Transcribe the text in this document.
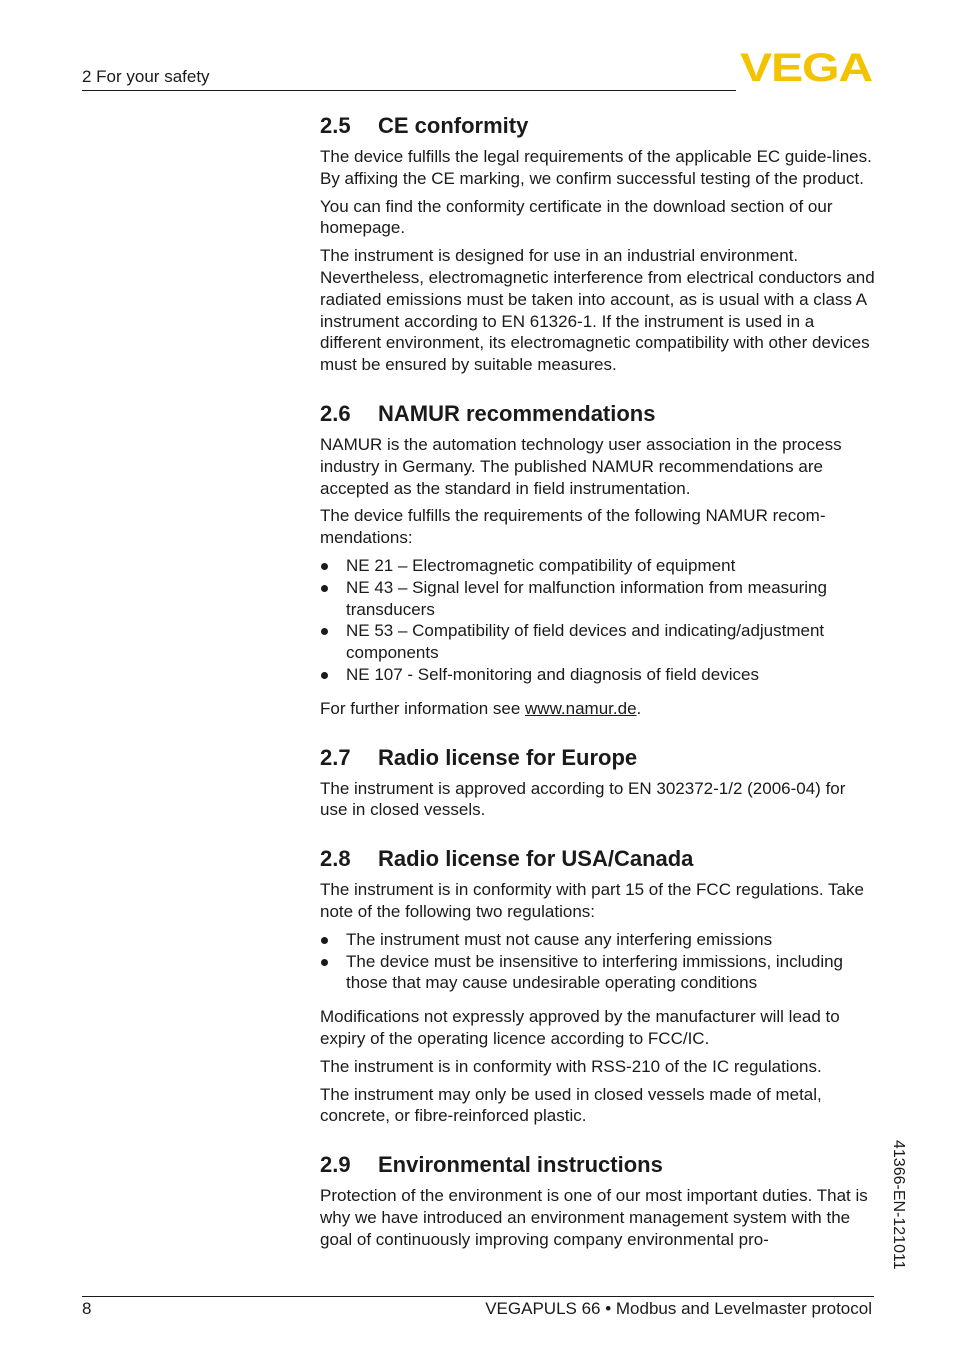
2 For your safety	VEGA
2.5 CE conformity

The device fulfills the legal requirements of the applicable EC guide-lines. By affixing the CE marking, we confirm successful testing of the product.

You can find the conformity certificate in the download section of our homepage.

The instrument is designed for use in an industrial environment. Nevertheless, electromagnetic interference from electrical conductors and radiated emissions must be taken into account, as is usual with a class A instrument according to EN 61326-1. If the instrument is used in a different environment, its electromagnetic compatibility with other devices must be ensured by suitable measures.

2.6 NAMUR recommendations

NAMUR is the automation technology user association in the process industry in Germany. The published NAMUR recommendations are accepted as the standard in field instrumentation.

The device fulfills the requirements of the following NAMUR recom-mendations:

NE 21 – Electromagnetic compatibility of equipment
NE 43 – Signal level for malfunction information from measuring transducers
NE 53 – Compatibility of field devices and indicating/adjustment components
NE 107 - Self-monitoring and diagnosis of field devices

For further information see www.namur.de.

2.7 Radio license for Europe

The instrument is approved according to EN 302372-1/2 (2006-04) for use in closed vessels.

2.8 Radio license for USA/Canada

The instrument is in conformity with part 15 of the FCC regulations. Take note of the following two regulations:

The instrument must not cause any interfering emissions
The device must be insensitive to interfering immissions, including those that may cause undesirable operating conditions

Modifications not expressly approved by the manufacturer will lead to expiry of the operating licence according to FCC/IC.

The instrument is in conformity with RSS-210 of the IC regulations.

The instrument may only be used in closed vessels made of metal, concrete, or fibre-reinforced plastic.

2.9 Environmental instructions

Protection of the environment is one of our most important duties. That is why we have introduced an environment management system with the goal of continuously improving company environmental pro-	41366-EN-121011
8	VEGAPULS 66 • Modbus and Levelmaster protocol
